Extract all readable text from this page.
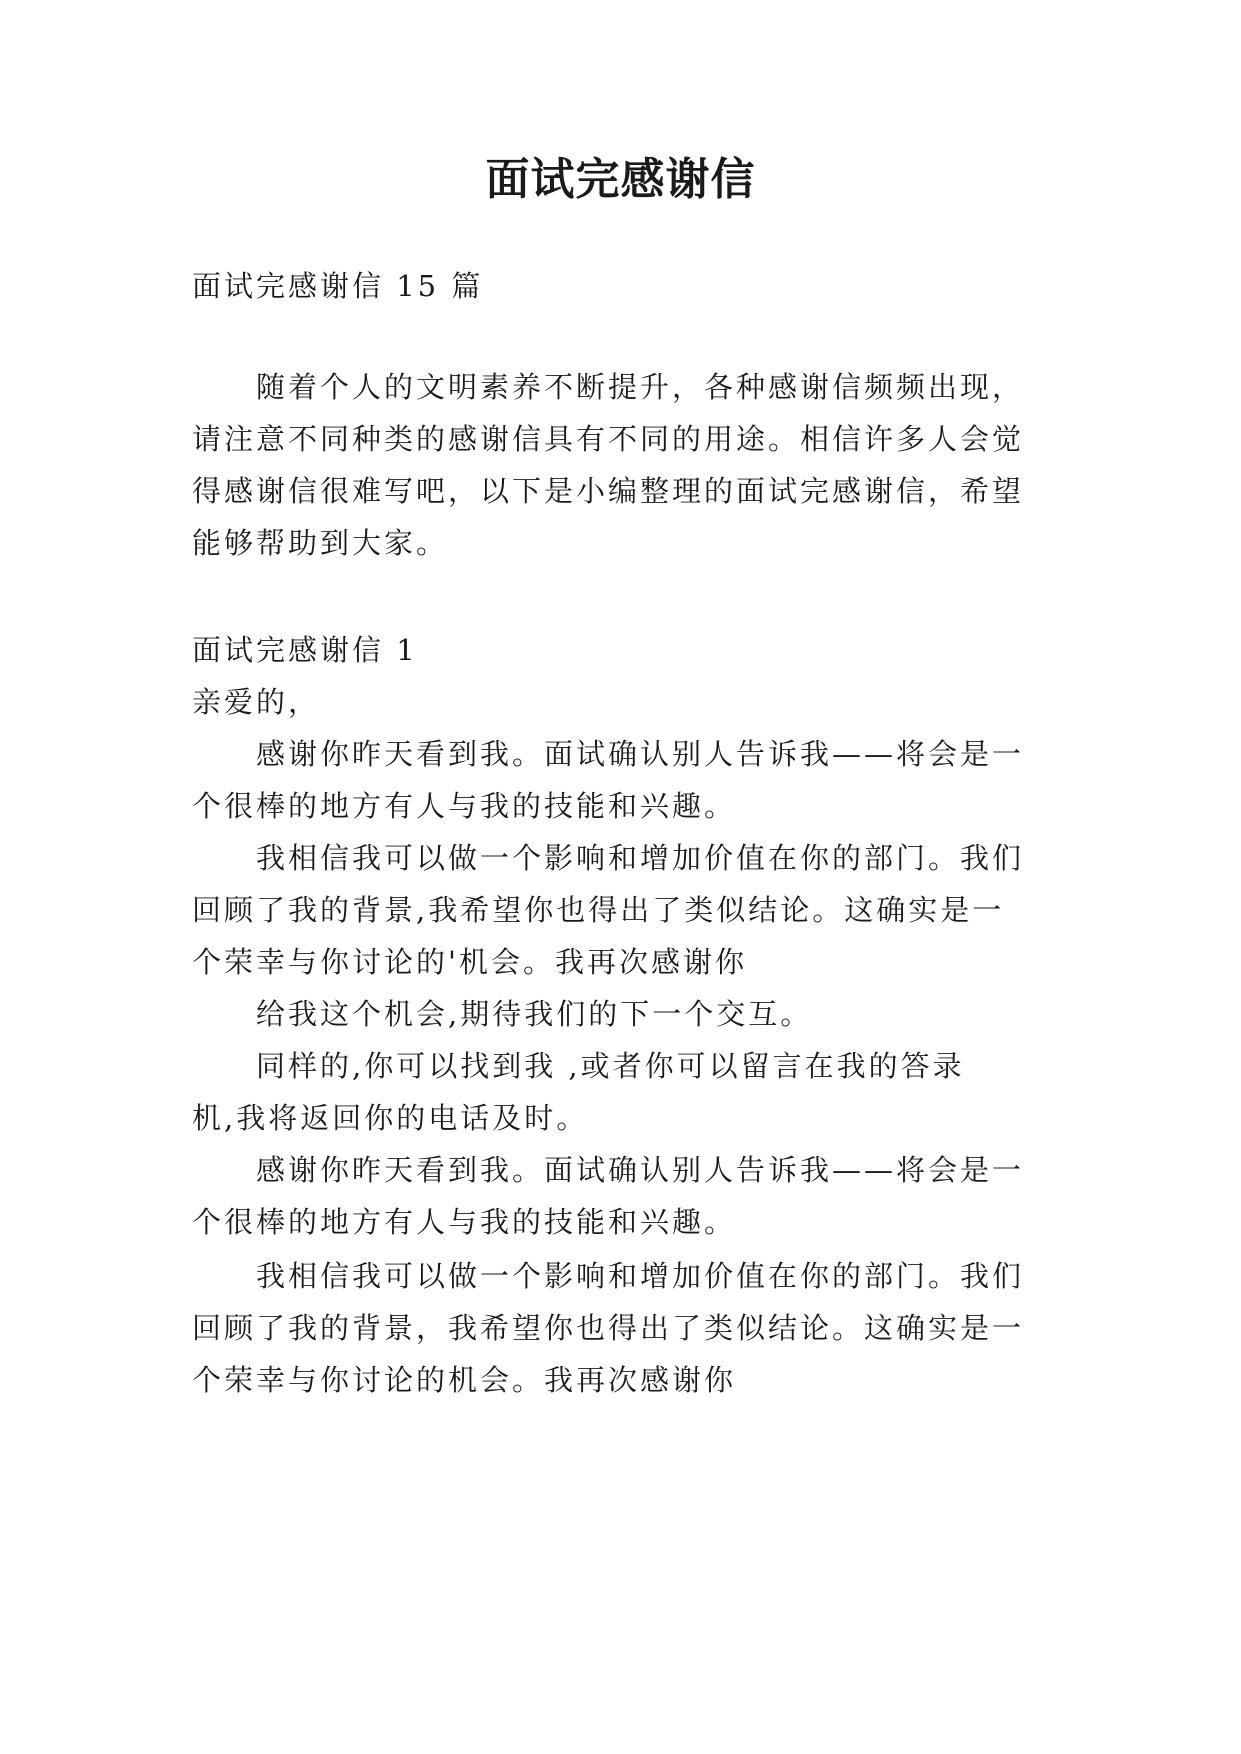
面试完感谢信

面试完感谢信 15 篇

随着个人的文明素养不断提升，各种感谢信频频出现，

请注意不同种类的感谢信具有不同的用途。相信许多人会觉

得感谢信很难写吧，以下是小编整理的面试完感谢信，希望

能够帮助到大家。

面试完感谢信 1

亲爱的，

感谢你昨天看到我。面试确认别人告诉我——将会是一

个很棒的地方有人与我的技能和兴趣。

我相信我可以做一个影响和增加价值在你的部门。我们

回顾了我的背景,我希望你也得出了类似结论。这确实是一

个荣幸与你讨论的'机会。我再次感谢你

给我这个机会,期待我们的下一个交互。

同样的,你可以找到我 ,或者你可以留言在我的答录

机,我将返回你的电话及时。

感谢你昨天看到我。面试确认别人告诉我——将会是一

个很棒的地方有人与我的技能和兴趣。

我相信我可以做一个影响和增加价值在你的部门。我们

回顾了我的背景，我希望你也得出了类似结论。这确实是一

个荣幸与你讨论的机会。我再次感谢你
